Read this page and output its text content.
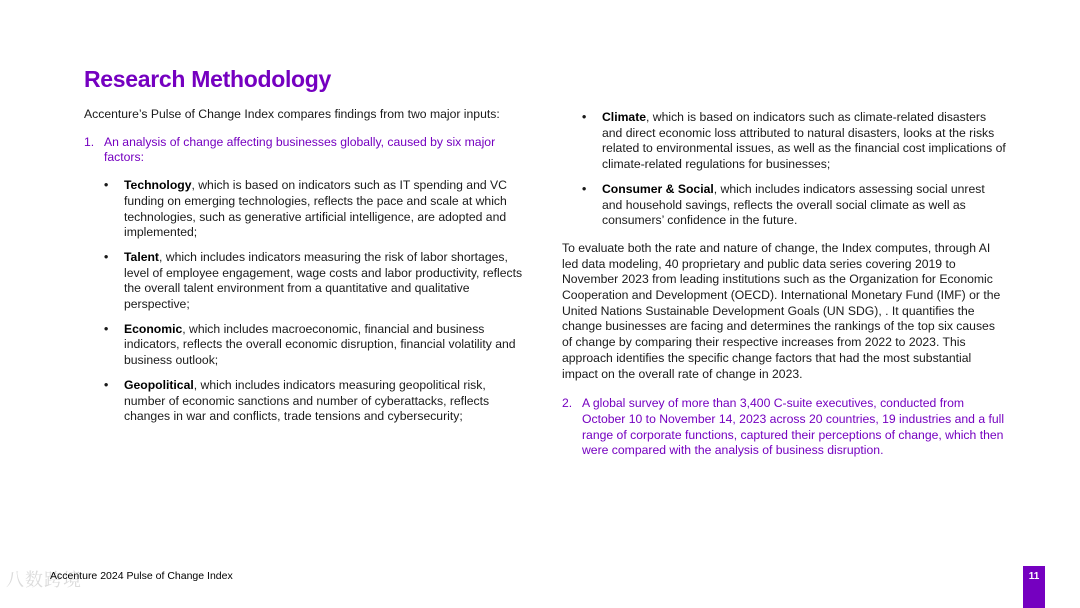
Research Methodology

Accenture’s Pulse of Change Index compares findings from two major inputs:

1. An analysis of change affecting businesses globally, caused by six major factors:
•	Technology, which is based on indicators such as IT spending and VC funding on emerging technologies, reflects the pace and scale at which technologies, such as generative artificial intelligence, are adopted and implemented;
•	Talent, which includes indicators measuring the risk of labor shortages, level of employee engagement, wage costs and labor productivity, reflects the overall talent environment from a quantitative and qualitative perspective;
•	Economic, which includes macroeconomic, financial and business indicators, reflects the overall economic disruption, financial volatility and business outlook;
•	Geopolitical, which includes indicators measuring geopolitical risk, number of economic sanctions and number of cyberattacks, reflects changes in war and conflicts, trade tensions and cybersecurity;
•	Climate, which is based on indicators such as climate-related disasters and direct economic loss attributed to natural disasters, looks at the risks related to environmental issues, as well as the financial cost implications of climate-related regulations for businesses;
•	Consumer & Social, which includes indicators assessing social unrest and household savings, reflects the overall social climate as well as consumers’ confidence in the future.

To evaluate both the rate and nature of change, the Index computes, through AI led data modeling, 40 proprietary and public data series covering 2019 to November 2023 from leading institutions such as the Organization for Economic Cooperation and Development (OECD). International Monetary Fund (IMF) or the United Nations Sustainable Development Goals (UN SDG), . It quantifies the change businesses are facing and determines the rankings of the top six causes of change by comparing their respective increases from 2022 to 2023. This approach identifies the specific change factors that had the most substantial impact on the overall rate of change in 2023.

2. A global survey of more than 3,400 C-suite executives, conducted from October 10 to November 14, 2023 across 20 countries, 19 industries and a full range of corporate functions, captured their perceptions of change, which then were compared with the analysis of business disruption.
八数跨境
Accenture 2024 Pulse of Change Index	11
